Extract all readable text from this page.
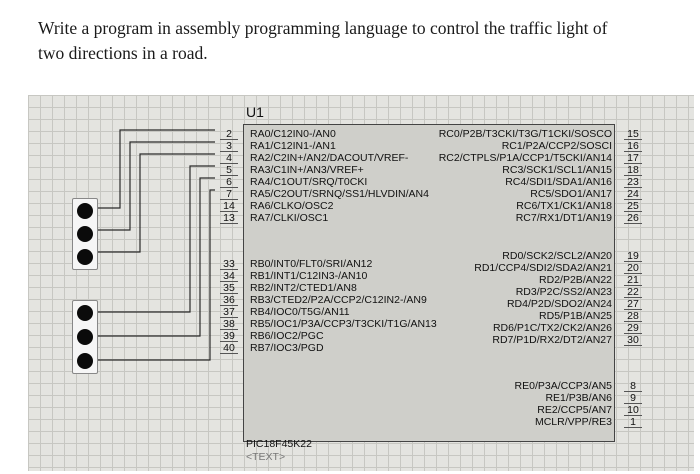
Write a program in assembly programming language to control the traffic light of
two directions in a road.
U1
2
3
4
5
6
7
14
13
33
34
35
36
37
38
39
40
15
16
17
18
23
24
25
26
19
20
21
22
27
28
29
30
8
9
10
1
RA0/C12IN0-/AN0
RA1/C12IN1-/AN1
RA2/C2IN+/AN2/DACOUT/VREF-
RA3/C1IN+/AN3/VREF+
RA4/C1OUT/SRQ/T0CKI
RA5/C2OUT/SRNQ/SS1/HLVDIN/AN4
RA6/CLKO/OSC2
RA7/CLKI/OSC1
RB0/INT0/FLT0/SRI/AN12
RB1/INT1/C12IN3-/AN10
RB2/INT2/CTED1/AN8
RB3/CTED2/P2A/CCP2/C12IN2-/AN9
RB4/IOC0/T5G/AN11
RB5/IOC1/P3A/CCP3/T3CKI/T1G/AN13
RB6/IOC2/PGC
RB7/IOC3/PGD
RC0/P2B/T3CKI/T3G/T1CKI/SOSCO
RC1/P2A/CCP2/SOSCI
RC2/CTPLS/P1A/CCP1/T5CKI/AN14
RC3/SCK1/SCL1/AN15
RC4/SDI1/SDA1/AN16
RC5/SDO1/AN17
RC6/TX1/CK1/AN18
RC7/RX1/DT1/AN19
RD0/SCK2/SCL2/AN20
RD1/CCP4/SDI2/SDA2/AN21
RD2/P2B/AN22
RD3/P2C/SS2/AN23
RD4/P2D/SDO2/AN24
RD5/P1B/AN25
RD6/P1C/TX2/CK2/AN26
RD7/P1D/RX2/DT2/AN27
RE0/P3A/CCP3/AN5
RE1/P3B/AN6
RE2/CCP5/AN7
MCLR/VPP/RE3
PIC18F45K22
<TEXT>
